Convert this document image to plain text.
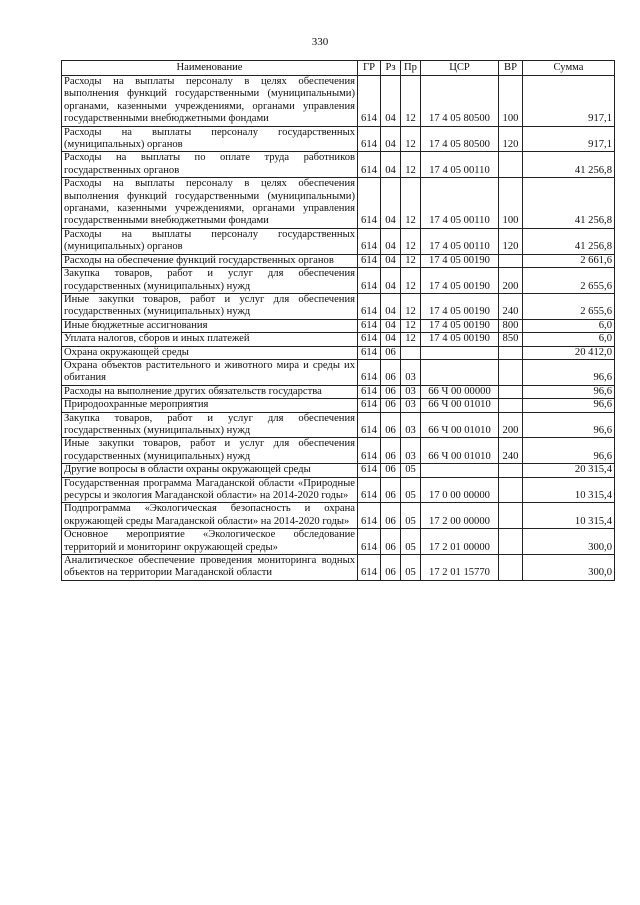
330
Наименование	ГР	Рз	Пр	ЦСР	ВР	Сумма
Расходы на выплаты персоналу в целях обеспечения выполнения функций государственными (муниципальными) органами, казенными учреждениями, органами управления государственными внебюджетными фондами	614	04	12	17 4 05 80500	100	917,1
Расходы на выплаты персоналу государственных (муниципальных) органов	614	04	12	17 4 05 80500	120	917,1
Расходы на выплаты по оплате труда работников государственных органов	614	04	12	17 4 05 00110		41 256,8
Расходы на выплаты персоналу в целях обеспечения выполнения функций государственными (муниципальными) органами, казенными учреждениями, органами управления государственными внебюджетными фондами	614	04	12	17 4 05 00110	100	41 256,8
Расходы на выплаты персоналу государственных (муниципальных) органов	614	04	12	17 4 05 00110	120	41 256,8
Расходы на обеспечение функций государственных органов	614	04	12	17 4 05 00190		2 661,6
Закупка товаров, работ и услуг для обеспечения государственных (муниципальных) нужд	614	04	12	17 4 05 00190	200	2 655,6
Иные закупки товаров, работ и услуг для обеспечения государственных (муниципальных) нужд	614	04	12	17 4 05 00190	240	2 655,6
Иные бюджетные ассигнования	614	04	12	17 4 05 00190	800	6,0
Уплата налогов, сборов и иных платежей	614	04	12	17 4 05 00190	850	6,0
Охрана окружающей среды	614	06				20 412,0
Охрана объектов растительного и животного мира и среды их обитания	614	06	03			96,6
Расходы на выполнение других обязательств государства	614	06	03	66 Ч 00 00000		96,6
Природоохранные мероприятия	614	06	03	66 Ч 00 01010		96,6
Закупка товаров, работ и услуг для обеспечения государственных (муниципальных) нужд	614	06	03	66 Ч 00 01010	200	96,6
Иные закупки товаров, работ и услуг для обеспечения государственных (муниципальных) нужд	614	06	03	66 Ч 00 01010	240	96,6
Другие вопросы в области охраны окружающей среды	614	06	05			20 315,4
Государственная программа Магаданской области «Природные ресурсы и экология Магаданской области» на 2014-2020 годы»	614	06	05	17 0 00 00000		10 315,4
Подпрограмма «Экологическая безопасность и охрана окружающей среды Магаданской области» на 2014-2020 годы»	614	06	05	17 2 00 00000		10 315,4
Основное мероприятие «Экологическое обследование территорий и мониторинг окружающей среды»	614	06	05	17 2 01 00000		300,0
Аналитическое обеспечение проведения мониторинга водных объектов на территории Магаданской области	614	06	05	17 2 01 15770		300,0
